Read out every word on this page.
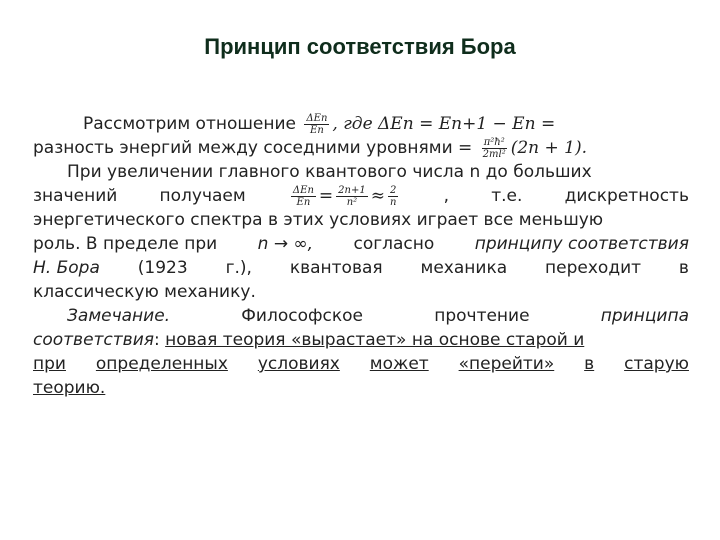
Принцип соответствия Бора
Рассмотрим отношение $\frac{\text{ΔEn}}{En}$ , где ΔEn = En+1 − En =
разность энергий между соседними уровнями = $\frac{\text{π²ħ²}}{\text{2ml²}} (2n + 1)$.
При увеличении главного квантового числа n до больших
значений получаем	$\frac{\text{ΔEn}}{En} = \frac{2n+1}{\text{n²}} \approx \frac{2}{n}$	, т.е. дискретность
энергетического спектра в этих условиях играет все меньшую
роль. В пределе при n → ∞, согласно принципу соответствия
Н. Бора (1923 г.), квантовая механика переходит в
классическую механику.
Замечание.	Философское	прочтение	принципа
соответствия: новая теория «вырастает» на основе старой и
при определенных условиях может «перейти» в старую
теорию.
